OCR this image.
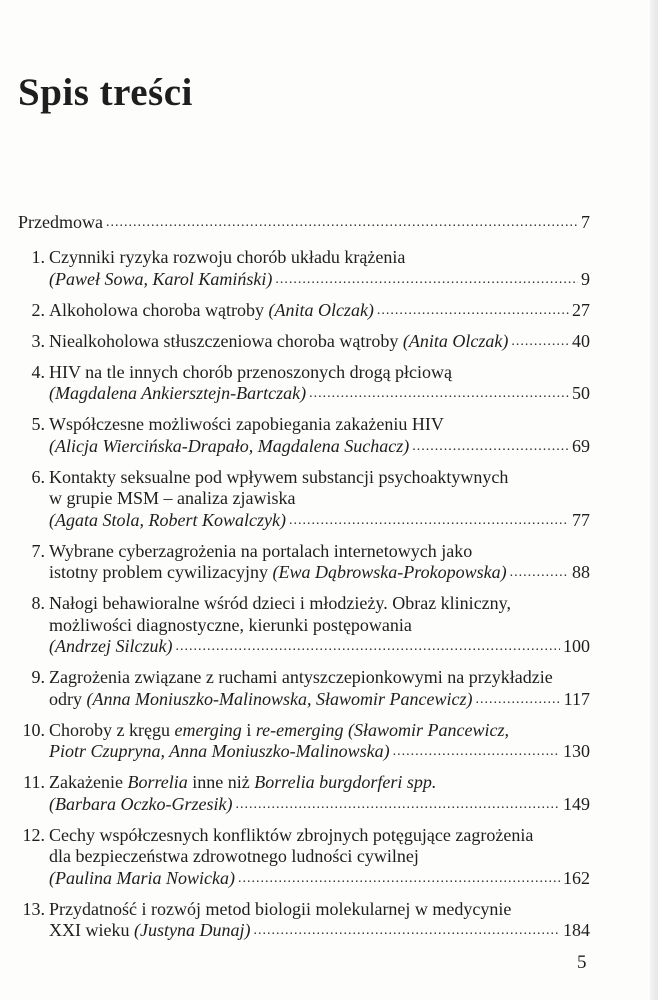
Spis treści
Przedmowa .....	7
1. Czynniki ryzyka rozwoju chorób układu krążenia
(Paweł Sowa, Karol Kamiński) .....	9
2. Alkoholowa choroba wątroby (Anita Olczak) .....	27
3. Niealkoholowa stłuszczeniowa choroba wątroby (Anita Olczak) .....	40
4. HIV na tle innych chorób przenoszonych drogą płciową
(Magdalena Ankiersztejn-Bartczak) .....	50
5. Współczesne możliwości zapobiegania zakażeniu HIV
(Alicja Wiercińska-Drapało, Magdalena Suchacz) .....	69
6. Kontakty seksualne pod wpływem substancji psychoaktywnych
w grupie MSM – analiza zjawiska
(Agata Stola, Robert Kowalczyk) .....	77
7. Wybrane cyberzagrożenia na portalach internetowych jako
istotny problem cywilizacyjny (Ewa Dąbrowska-Prokopowska) .....	88
8. Nałogi behawioralne wśród dzieci i młodzieży. Obraz kliniczny,
możliwości diagnostyczne, kierunki postępowania
(Andrzej Silczuk) .....	100
9. Zagrożenia związane z ruchami antyszczepionkowymi na przykładzie
odry (Anna Moniuszko-Malinowska, Sławomir Pancewicz) .....	117
10. Choroby z kręgu emerging i re-emerging (Sławomir Pancewicz,
Piotr Czupryna, Anna Moniuszko-Malinowska) .....	130
11. Zakażenie Borrelia inne niż Borrelia burgdorferi spp.
(Barbara Oczko-Grzesik) .....	149
12. Cechy współczesnych konfliktów zbrojnych potęgujące zagrożenia
dla bezpieczeństwa zdrowotnego ludności cywilnej
(Paulina Maria Nowicka) .....	162
13. Przydatność i rozwój metod biologii molekularnej w medycynie
XXI wieku (Justyna Dunaj) .....	184
5
